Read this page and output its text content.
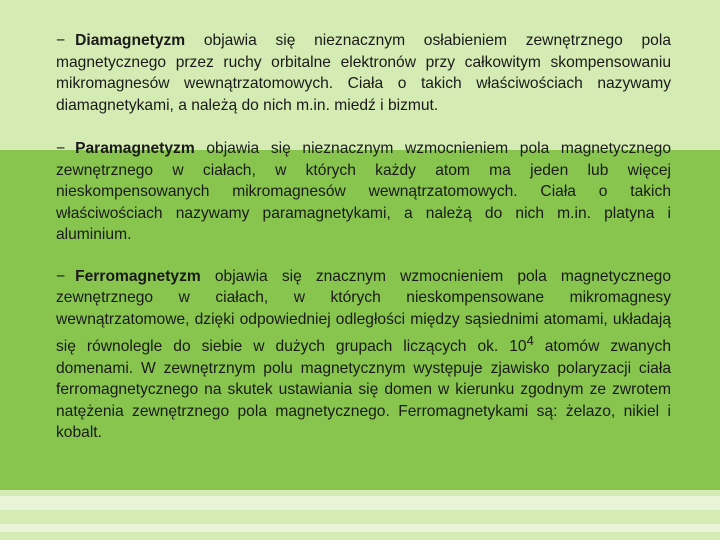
− Diamagnetyzm objawia się nieznacznym osłabieniem zewnętrznego pola magnetycznego przez ruchy orbitalne elektronów przy całkowitym skompensowaniu mikromagnesów wewnątrzatomowych. Ciała o takich właściwościach nazywamy diamagnetykami, a należą do nich m.in. miedź i bizmut.

− Paramagnetyzm objawia się nieznacznym wzmocnieniem pola magnetycznego zewnętrznego w ciałach, w których każdy atom ma jeden lub więcej nieskompensowanych mikromagnesów wewnątrzatomowych. Ciała o takich właściwościach nazywamy paramagnetykami, a należą do nich m.in. platyna i aluminium.

− Ferromagnetyzm objawia się znacznym wzmocnieniem pola magnetycznego zewnętrznego w ciałach, w których nieskompensowane mikromagnesy wewnątrzatomowe, dzięki odpowiedniej odległości między sąsiednimi atomami, układają się równolegle do siebie w dużych grupach liczących ok. $10^4$ atomów zwanych domenami. W zewnętrznym polu magnetycznym występuje zjawisko polaryzacji ciała ferromagnetycznego na skutek ustawiania się domen w kierunku zgodnym ze zwrotem natężenia zewnętrznego pola magnetycznego. Ferromagnetykami są: żelazo, nikiel i kobalt.
